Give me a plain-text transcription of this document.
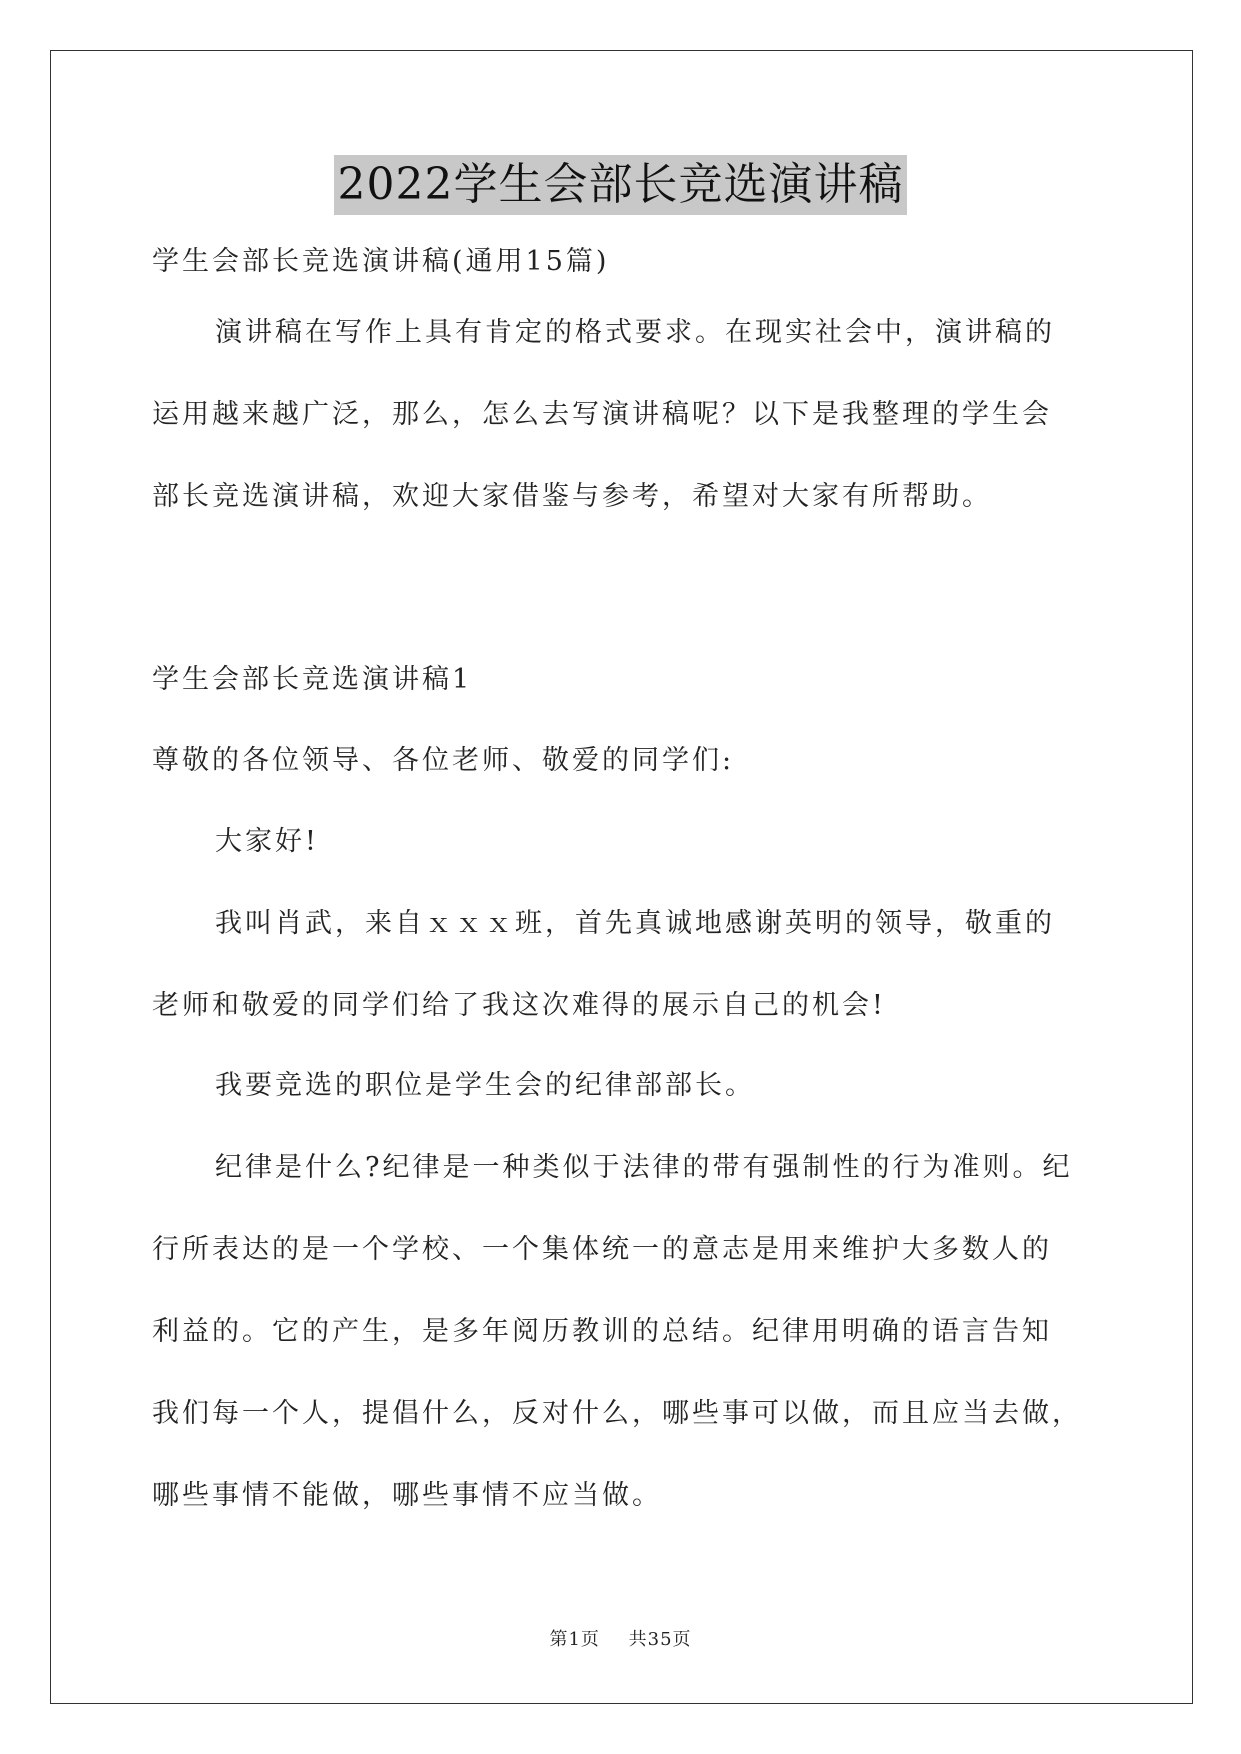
2022学生会部长竞选演讲稿

学生会部长竞选演讲稿(通用15篇)

演讲稿在写作上具有肯定的格式要求。在现实社会中，演讲稿的
运用越来越广泛，那么，怎么去写演讲稿呢？以下是我整理的学生会
部长竞选演讲稿，欢迎大家借鉴与参考，希望对大家有所帮助。

学生会部长竞选演讲稿1

尊敬的各位领导、各位老师、敬爱的同学们:

大家好!

我叫肖武，来自ｘｘｘ班，首先真诚地感谢英明的领导，敬重的
老师和敬爱的同学们给了我这次难得的展示自己的机会!

我要竞选的职位是学生会的纪律部部长。

纪律是什么?纪律是一种类似于法律的带有强制性的行为准则。纪
行所表达的是一个学校、一个集体统一的意志是用来维护大多数人的
利益的。它的产生，是多年阅历教训的总结。纪律用明确的语言告知
我们每一个人，提倡什么，反对什么，哪些事可以做，而且应当去做，
哪些事情不能做，哪些事情不应当做。
第1页 共35页
